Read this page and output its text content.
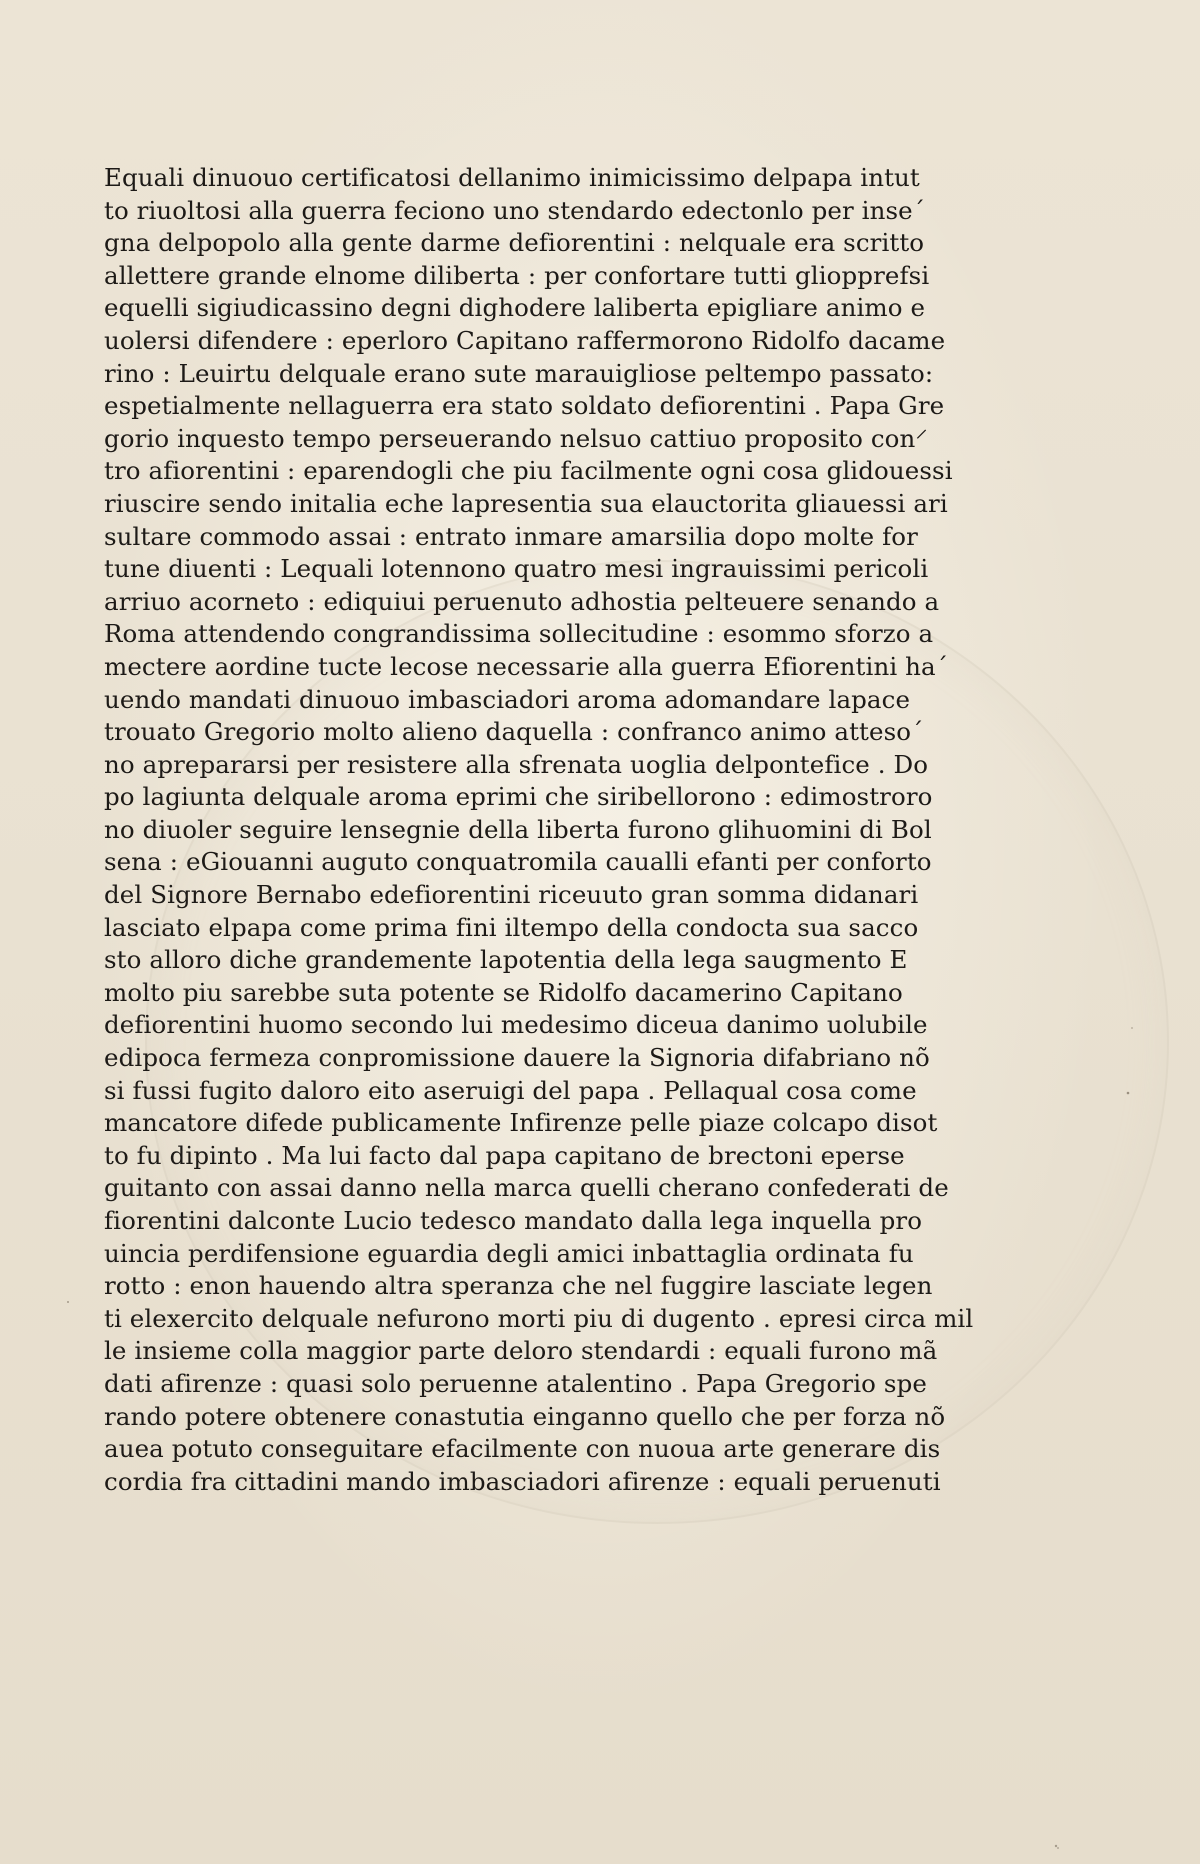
Equali dinuouo certificatosi dellanimo inimicissimo delpapa intut
to riuoltosi alla guerra feciono uno stendardo edectonlo per inse´
gna delpopolo alla gente darme defiorentini : nelquale era scritto
allettere grande elnome diliberta : per confortare tutti gliopprefsi
equelli sigiudicassino degni dighodere laliberta epigliare animo e
uolersi difendere : eperloro Capitano raffermorono Ridolfo dacame
rino : Leuirtu delquale erano sute marauigliose peltempo passato:
espetialmente nellaguerra era stato soldato defiorentini . Papa Gre
gorio inquesto tempo perseuerando nelsuo cattiuo proposito con⸍
tro afiorentini : eparendogli che piu facilmente ogni cosa glidouessi
riuscire sendo initalia eche lapresentia sua elauctorita gliauessi ari
sultare commodo assai : entrato inmare amarsilia dopo molte for
tune diuenti : Lequali lotennono quatro mesi ingrauissimi pericoli
arriuo acorneto : ediquiui peruenuto adhostia pelteuere senando a
Roma attendendo congrandissima sollecitudine : esommo sforzo a
mectere aordine tucte lecose necessarie alla guerra Efiorentini ha´
uendo mandati dinuouo imbasciadori aroma adomandare lapace
trouato Gregorio molto alieno daquella : confranco animo atteso´
no aprepararsi per resistere alla sfrenata uoglia delpontefice . Do
po lagiunta delquale aroma eprimi che siribellorono : edimostroro
no diuoler seguire lensegnie della liberta furono glihuomini di Bol
sena : eGiouanni auguto conquatromila caualli efanti per conforto
del Signore Bernabo edefiorentini riceuuto gran somma didanari
lasciato elpapa come prima fini iltempo della condocta sua sacco
sto alloro diche grandemente lapotentia della lega saugmento E
molto piu sarebbe suta potente se Ridolfo dacamerino Capitano
defiorentini huomo secondo lui medesimo diceua danimo uolubile
edipoca fermeza conpromissione dauere la Signoria difabriano nõ
si fussi fugito daloro eito aseruigi del papa . Pellaqual cosa come
mancatore difede publicamente Infirenze pelle piaze colcapo disot
to fu dipinto . Ma lui facto dal papa capitano de brectoni eperse
guitanto con assai danno nella marca quelli cherano confederati de
fiorentini dalconte Lucio tedesco mandato dalla lega inquella pro
uincia perdifensione eguardia degli amici inbattaglia ordinata fu
rotto : enon hauendo altra speranza che nel fuggire lasciate legen
ti elexercito delquale nefurono morti piu di dugento . epresi circa mil
le insieme colla maggior parte deloro stendardi : equali furono mã
dati afirenze : quasi solo peruenne atalentino . Papa Gregorio spe
rando potere obtenere conastutia einganno quello che per forza nõ
auea potuto conseguitare efacilmente con nuoua arte generare dis
cordia fra cittadini mando imbasciadori afirenze : equali peruenuti
